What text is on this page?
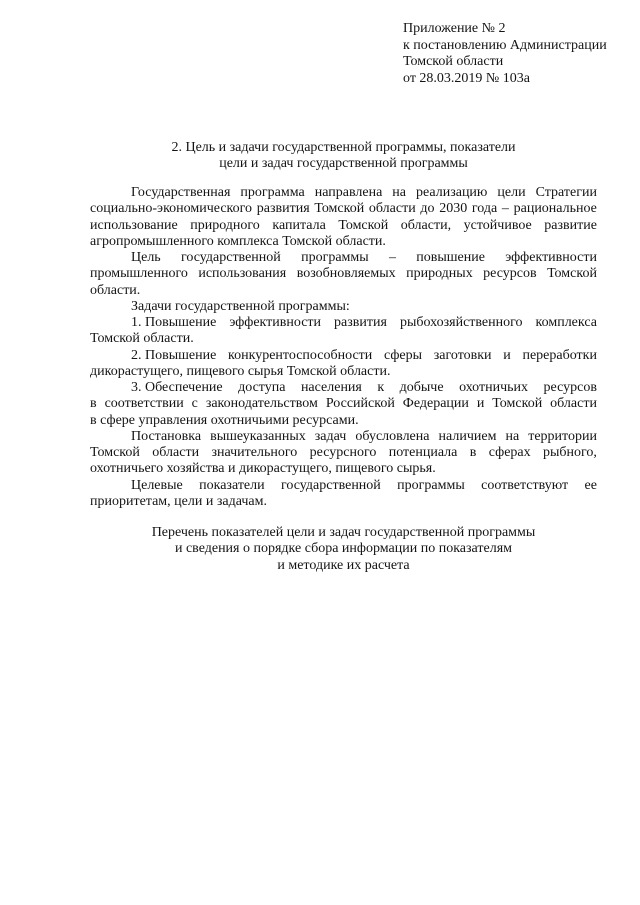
Приложение № 2
к постановлению Администрации
Томской области
от 28.03.2019 № 103а
2. Цель и задачи государственной программы, показатели
цели и задач государственной программы
Государственная программа направлена на реализацию цели Стратегии
социально-экономического развития Томской области до 2030 года – рациональное
использование природного капитала Томской области, устойчивое развитие
агропромышленного комплекса Томской области.
Цель государственной программы – повышение эффективности
промышленного использования возобновляемых природных ресурсов Томской
области.
Задачи государственной программы:
1. Повышение эффективности развития рыбохозяйственного комплекса
Томской области.
2. Повышение конкурентоспособности сферы заготовки и переработки
дикорастущего, пищевого сырья Томской области.
3. Обеспечение доступа населения к добыче охотничьих ресурсов
в соответствии с законодательством Российской Федерации и Томской области
в сфере управления охотничьими ресурсами.
Постановка вышеуказанных задач обусловлена наличием на территории
Томской области значительного ресурсного потенциала в сферах рыбного,
охотничьего хозяйства и дикорастущего, пищевого сырья.
Целевые показатели государственной программы соответствуют ее
приоритетам, цели и задачам.
Перечень показателей цели и задач государственной программы
и сведения о порядке сбора информации по показателям
и методике их расчета
